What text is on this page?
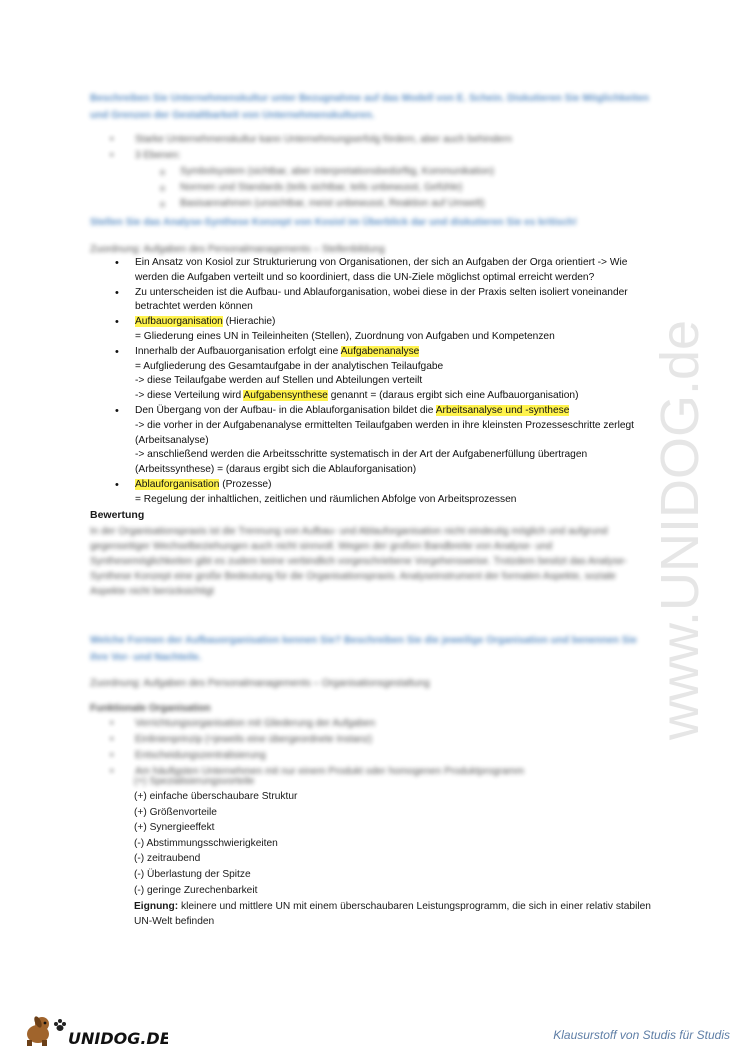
Beschreiben Sie Unternehmenskultur unter Bezugnahme auf das Modell von E. Schein. Diskutieren Sie Möglichkeiten und Grenzen der Gestaltbarkeit von Unternehmenskulturen.
• Starke Unternehmenskultur kann Unternehmungserfolg fördern, aber auch behindern
• 3 Ebenen:
o Symbolsystem (sichtbar, aber interpretationsbedürftig, Kommunikation)
o Normen und Standards (teils sichtbar, teils unbewusst, Gefühle)
o Basisannahmen (unsichtbar, meist unbewusst, Reaktion auf Umwelt)
Stellen Sie das Analyse-Synthese Konzept von Kosiol im Überblick dar und diskutieren Sie es kritisch!
Zuordnung: Aufgaben des Personalmanagements – Stellenbildung
• Ein Ansatz von Kosiol zur Strukturierung von Organisationen, der sich an Aufgaben der Orga orientiert -> Wie
werden die Aufgaben verteilt und so koordiniert, dass die UN-Ziele möglichst optimal erreicht werden?
• Zu unterscheiden ist die Aufbau- und Ablauforganisation, wobei diese in der Praxis selten isoliert voneinander
betrachtet werden können
• Aufbauorganisation (Hierachie)
= Gliederung eines UN in Teileinheiten (Stellen), Zuordnung von Aufgaben und Kompetenzen
• Innerhalb der Aufbauorganisation erfolgt eine Aufgabenanalyse
= Aufgliederung des Gesamtaufgabe in der analytischen Teilaufgabe
-> diese Teilaufgabe werden auf Stellen und Abteilungen verteilt
-> diese Verteilung wird Aufgabensynthese genannt = (daraus ergibt sich eine Aufbauorganisation)
• Den Übergang von der Aufbau- in die Ablauforganisation bildet die Arbeitsanalyse und -synthese
-> die vorher in der Aufgabenanalyse ermittelten Teilaufgaben werden in ihre kleinsten Prozesseschritte zerlegt
(Arbeitsanalyse)
-> anschließend werden die Arbeitsschritte systematisch in der Art der Aufgabenerfüllung übertragen
(Arbeitssynthese) = (daraus ergibt sich die Ablauforganisation)
• Ablauforganisation (Prozesse)
= Regelung der inhaltlichen, zeitlichen und räumlichen Abfolge von Arbeitsprozessen
Bewertung
In der Organisationspraxis ist die Trennung von Aufbau- und Ablauforganisation nicht eindeutig möglich und aufgrund gegenseitiger Wechselbeziehungen auch nicht sinnvoll. Wegen der großen Bandbreite von Analyse- und Synthesemöglichkeiten gibt es zudem keine verbindlich vorgeschriebene Vorgehensweise. Trotzdem besitzt das Analyse-Synthese Konzept eine große Bedeutung für die Organisationspraxis. Analyseinstrument der formalen Aspekte, soziale Aspekte nicht berücksichtigt
Welche Formen der Aufbauorganisation kennen Sie? Beschreiben Sie die jeweilige Organisation und benennen Sie ihre Vor- und Nachteile.
Zuordnung: Aufgaben des Personalmanagements – Organisationsgestaltung
Funktionale Organisation
• Verrichtungsorganisation mit Gliederung der Aufgaben
• Einlinienprinzip (=jeweils eine übergeordnete Instanz)
• Entscheidungszentralisierung
• Am häufigsten Unternehmen mit nur einem Produkt oder homogenen Produktprogramm
(+) Spezialisierungsvorteile
(+) einfache überschaubare Struktur
(+) Größenvorteile
(+) Synergieeffekt
(-) Abstimmungsschwierigkeiten
(-) zeitraubend
(-) Überlastung der Spitze
(-) geringe Zurechenbarkeit
Eignung: kleinere und mittlere UN mit einem überschaubaren Leistungsprogramm, die sich in einer relativ stabilen UN-Welt befinden
www.UNIDOG.de
UNIDOG.DE	Klausurstoff von Studis für Studis
